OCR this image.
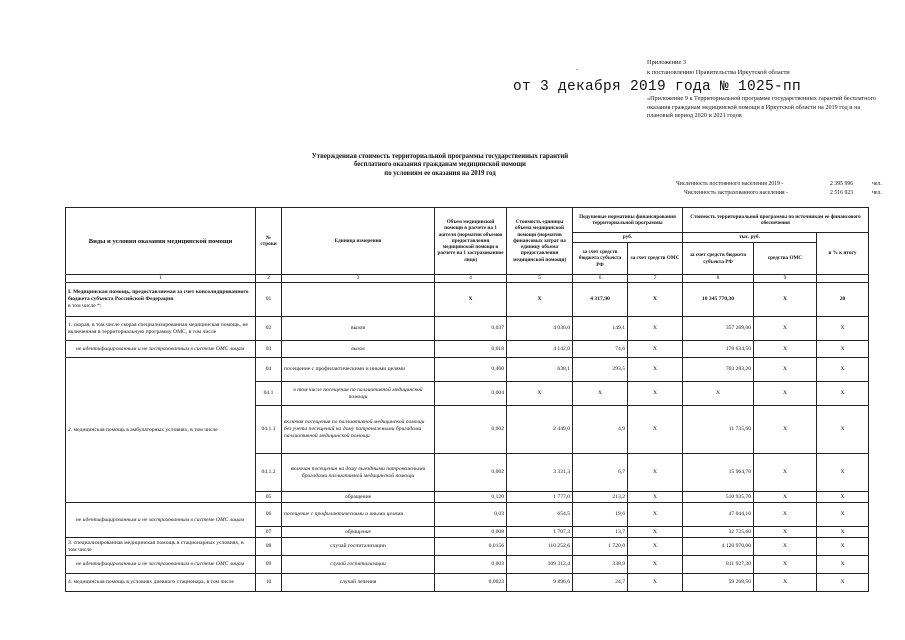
Приложение 3
к постановлению Правительства Иркутской области
.
от 3 декабря 2019 года № 1025-пп
«Приложение 9 к Территориальной программе государственных гарантий бесплатного оказания гражданам медицинской помощи в Иркутской области на 2019 год и на плановый период 2020 и 2021 годов
Утвержденная стоимость территориальной программы государственных гарантий
бесплатного оказания гражданам медицинской помощи
по условиям ее оказания на 2019 год
Численность постоянного населения 2019 -	2 395 996	чел.
Численность застрахованного населения -	2 516 923	чел.
Виды и условия оказания медицинской помощи	№ строки	Единица измерения	Объем медицинской помощи в расчете на 1 жителя (норматив объемов предоставления медицинской помощи в расчете на 1 застрахованное лицо)	Стоимость единицы объема медицинской помощи (норматив финансовых затрат на единицу объема предоставления медицинской помощи)	Подушевые нормативы финансирования территориальной программы		Стоимость территориальной программы по источникам ее финансового обеспечения		
					руб.		тыс. руб.		в % к итогу
					за счет средств бюджета субъекта РФ	за счет средств ОМС	за счет средств бюджета субъекта РФ	средства ОМС	
1	2	3	4	5	6	7	8	9	
I. Медицинская помощь, предоставляемая за счет консолидированного бюджета субъекта Российской Федерации
в том числе *:	01		X	X	4 317,90	X	10 345 770,30	X	20
1. скорая, в том числе скорая специализированная медицинская помощь, не включенная в территориальную программу ОМС, в том числе	02	вызов	0,037	4 030,0	149,1	X	357 269,00	X	X
не идентифицированным и не застрахованным в системе ОМС лицам	03	вызов	0,018	4 142,0	74,6	X	178 634,50	X	X
2. медицинская помощь в амбулаторных условиях, в том числе	04	посещение с профилактическими и иными целями	0,460	638,1	293,5	X	703 283,20	X	X
	04.1	в том числе посещения по паллиативной медицинской помощи	0,004	X	X	X	X	X	X
	04.1.1	включая посещения по паллиативной медицинской помощи без учета посещений на дому патронажными бригадами паллиативной медицинской помощи	0,002	2 449,0	4,9	X	11 735,60	X	X
	04.1.2	включая посещения на дому выездными патронажными бригадами паллиативной медицинской помощи	0,002	3 331,3	6,7	X	15 964,70	X	X
	05	обращение	0,120	1 777,0	213,2	X	510 935,70	X	X
не идентифицированным и не застрахованным в системе ОМС лицам	06	посещение с профилактическими и иными целями	0,03	654,5	19,6	X	47 044,10	X	X
	07	обращение	0,008	1 707,3	13,7	X	32 725,60	X	X
3. специализированная медицинская помощь в стационарных условиях, в том числе	08	случай госпитализации	0,0156	110 252,6	1 720,0	X	4 120 970,00	X	X
не идентифицированным и не застрахованным в системе ОМС лицам	09	случай госпитализации	0,003	109 312,4	338,9	X	811 927,30	X	X
4. медицинская помощь в условиях дневного стационара, в том числе	10	случай лечения	0,0023	9 896,6	24,7	X	59 268,50	X	X
